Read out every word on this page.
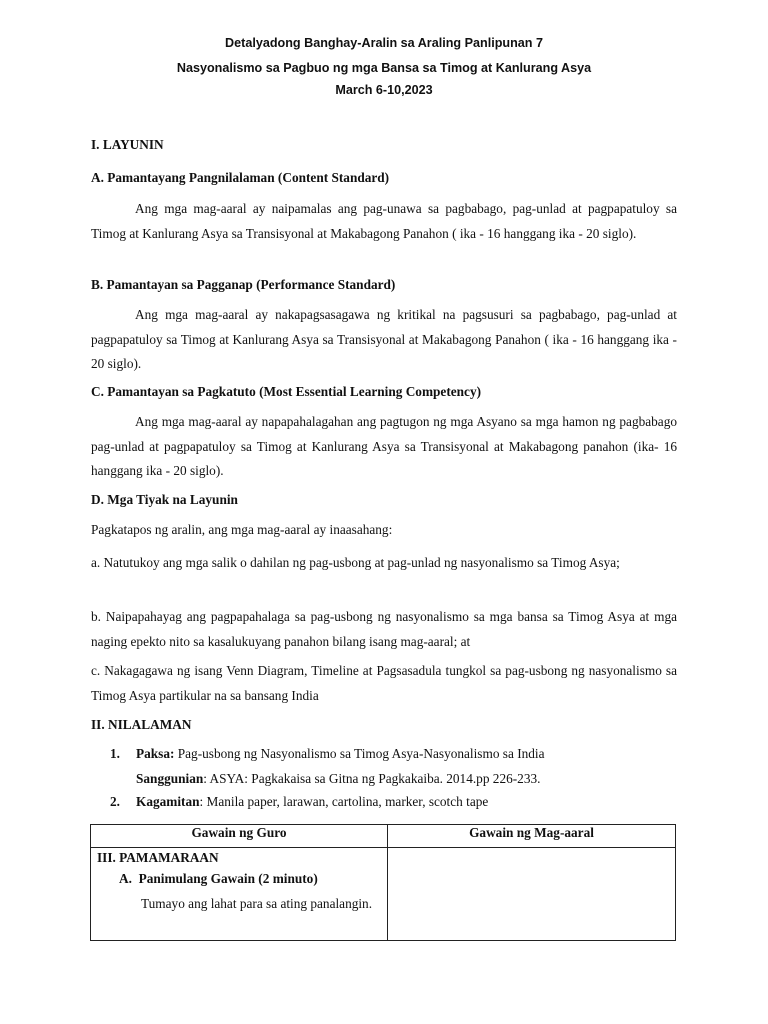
Detalyadong Banghay-Aralin sa Araling Panlipunan 7
Nasyonalismo sa Pagbuo ng mga Bansa sa Timog at Kanlurang Asya
March 6-10,2023
I. LAYUNIN
A. Pamantayang Pangnilalaman (Content Standard)

Ang mga mag-aaral ay naipamalas ang pag-unawa sa pagbabago, pag-unlad at pagpapatuloy sa Timog at Kanlurang Asya sa Transisyonal at Makabagong Panahon ( ika - 16 hanggang ika - 20 siglo).

B. Pamantayan sa Pagganap (Performance Standard)

Ang mga mag-aaral ay nakapagsasagawa ng kritikal na pagsusuri sa pagbabago, pag-unlad at pagpapatuloy sa Timog at Kanlurang Asya sa Transisyonal at Makabagong Panahon ( ika - 16 hanggang ika - 20 siglo).

C. Pamantayan sa Pagkatuto (Most Essential Learning Competency)

Ang mga mag-aaral ay napapahalagahan ang pagtugon ng mga Asyano sa mga hamon ng pagbabago pag-unlad at pagpapatuloy sa Timog at Kanlurang Asya sa Transisyonal at Makabagong panahon (ika- 16 hanggang ika - 20 siglo).

D. Mga Tiyak na Layunin

Pagkatapos ng aralin, ang mga mag-aaral ay inaasahang:

a. Natutukoy ang mga salik o dahilan ng pag-usbong at pag-unlad ng nasyonalismo sa Timog Asya;

b. Naipapahayag ang pagpapahalaga sa pag-usbong ng nasyonalismo sa mga bansa sa Timog Asya at mga naging epekto nito sa kasalukuyang panahon bilang isang mag-aaral; at

c. Nakagagawa ng isang Venn Diagram, Timeline at Pagsasadula tungkol sa pag-usbong ng nasyonalismo sa Timog Asya partikular na sa bansang India

II. NILALAMAN
1. Paksa: Pag-usbong ng Nasyonalismo sa Timog Asya-Nasyonalismo sa India
Sanggunian: ASYA: Pagkakaisa sa Gitna ng Pagkakaiba. 2014.pp 226-233.
2. Kagamitan: Manila paper, larawan, cartolina, marker, scotch tape
Gawain ng Guro	Gawain ng Mag-aaral

III. PAMAMARAAN
A. Panimulang Gawain (2 minuto)

Tumayo ang lahat para sa ating panalangin.	
